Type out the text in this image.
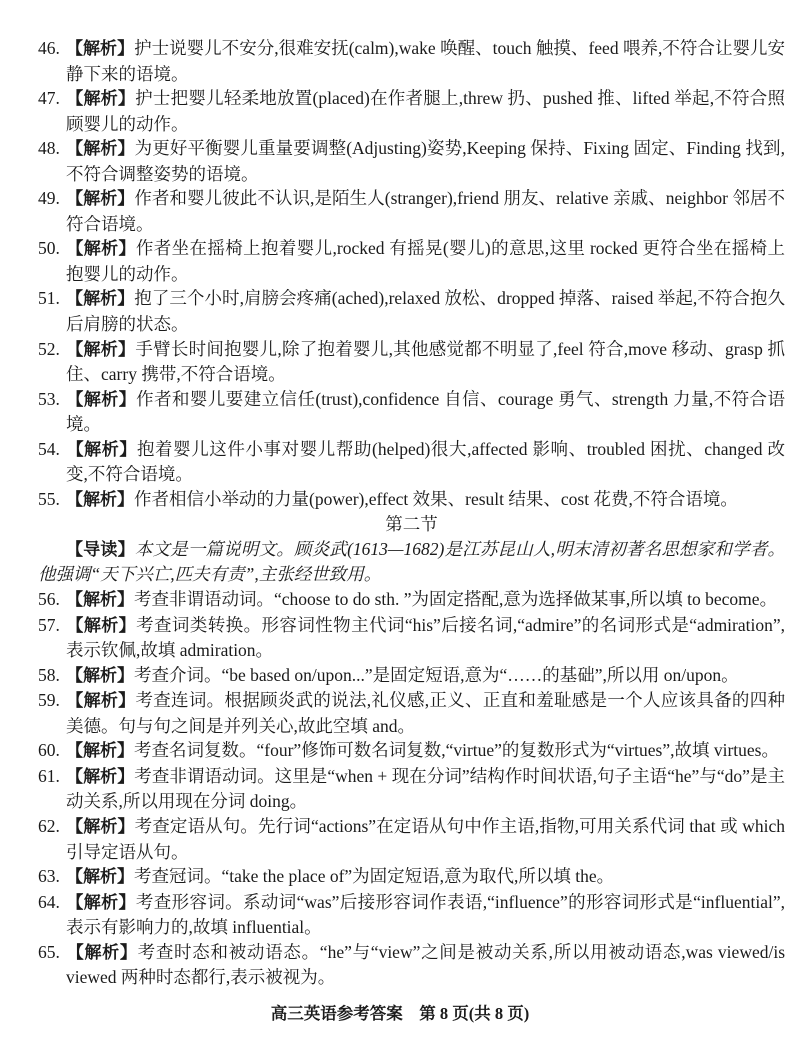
46. 【解析】护士说婴儿不安分,很难安抚(calm),wake 唤醒、touch 触摸、feed 喂养,不符合让婴儿安静下来的语境。
47. 【解析】护士把婴儿轻柔地放置(placed)在作者腿上,threw 扔、pushed 推、lifted 举起,不符合照顾婴儿的动作。
48. 【解析】为更好平衡婴儿重量要调整(Adjusting)姿势,Keeping 保持、Fixing 固定、Finding 找到,不符合调整姿势的语境。
49. 【解析】作者和婴儿彼此不认识,是陌生人(stranger),friend 朋友、relative 亲戚、neighbor 邻居不符合语境。
50. 【解析】作者坐在摇椅上抱着婴儿,rocked 有摇晃(婴儿)的意思,这里 rocked 更符合坐在摇椅上抱婴儿的动作。
51. 【解析】抱了三个小时,肩膀会疼痛(ached),relaxed 放松、dropped 掉落、raised 举起,不符合抱久后肩膀的状态。
52. 【解析】手臂长时间抱婴儿,除了抱着婴儿,其他感觉都不明显了,feel 符合,move 移动、grasp 抓住、carry 携带,不符合语境。
53. 【解析】作者和婴儿要建立信任(trust),confidence 自信、courage 勇气、strength 力量,不符合语境。
54. 【解析】抱着婴儿这件小事对婴儿帮助(helped)很大,affected 影响、troubled 困扰、changed 改变,不符合语境。
55. 【解析】作者相信小举动的力量(power),effect 效果、result 结果、cost 花费,不符合语境。
第二节
【导读】本文是一篇说明文。顾炎武(1613—1682)是江苏昆山人,明末清初著名思想家和学者。他强调“天下兴亡,匹夫有责”,主张经世致用。
56. 【解析】考查非谓语动词。“choose to do sth. ”为固定搭配,意为选择做某事,所以填 to become。
57. 【解析】考查词类转换。形容词性物主代词“his”后接名词,“admire”的名词形式是“admiration”,表示钦佩,故填 admiration。
58. 【解析】考查介词。“be based on/upon...”是固定短语,意为“……的基础”,所以用 on/upon。
59. 【解析】考查连词。根据顾炎武的说法,礼仪感,正义、正直和羞耻感是一个人应该具备的四种美德。句与句之间是并列关心,故此空填 and。
60. 【解析】考查名词复数。“four”修饰可数名词复数,“virtue”的复数形式为“virtues”,故填 virtues。
61. 【解析】考查非谓语动词。这里是“when + 现在分词”结构作时间状语,句子主语“he”与“do”是主动关系,所以用现在分词 doing。
62. 【解析】考查定语从句。先行词“actions”在定语从句中作主语,指物,可用关系代词 that 或 which 引导定语从句。
63. 【解析】考查冠词。“take the place of”为固定短语,意为取代,所以填 the。
64. 【解析】考查形容词。系动词“was”后接形容词作表语,“influence”的形容词形式是“influential”,表示有影响力的,故填 influential。
65. 【解析】考查时态和被动语态。“he”与“view”之间是被动关系,所以用被动语态,was viewed/is viewed 两种时态都行,表示被视为。
高三英语参考答案　第 8 页(共 8 页)
